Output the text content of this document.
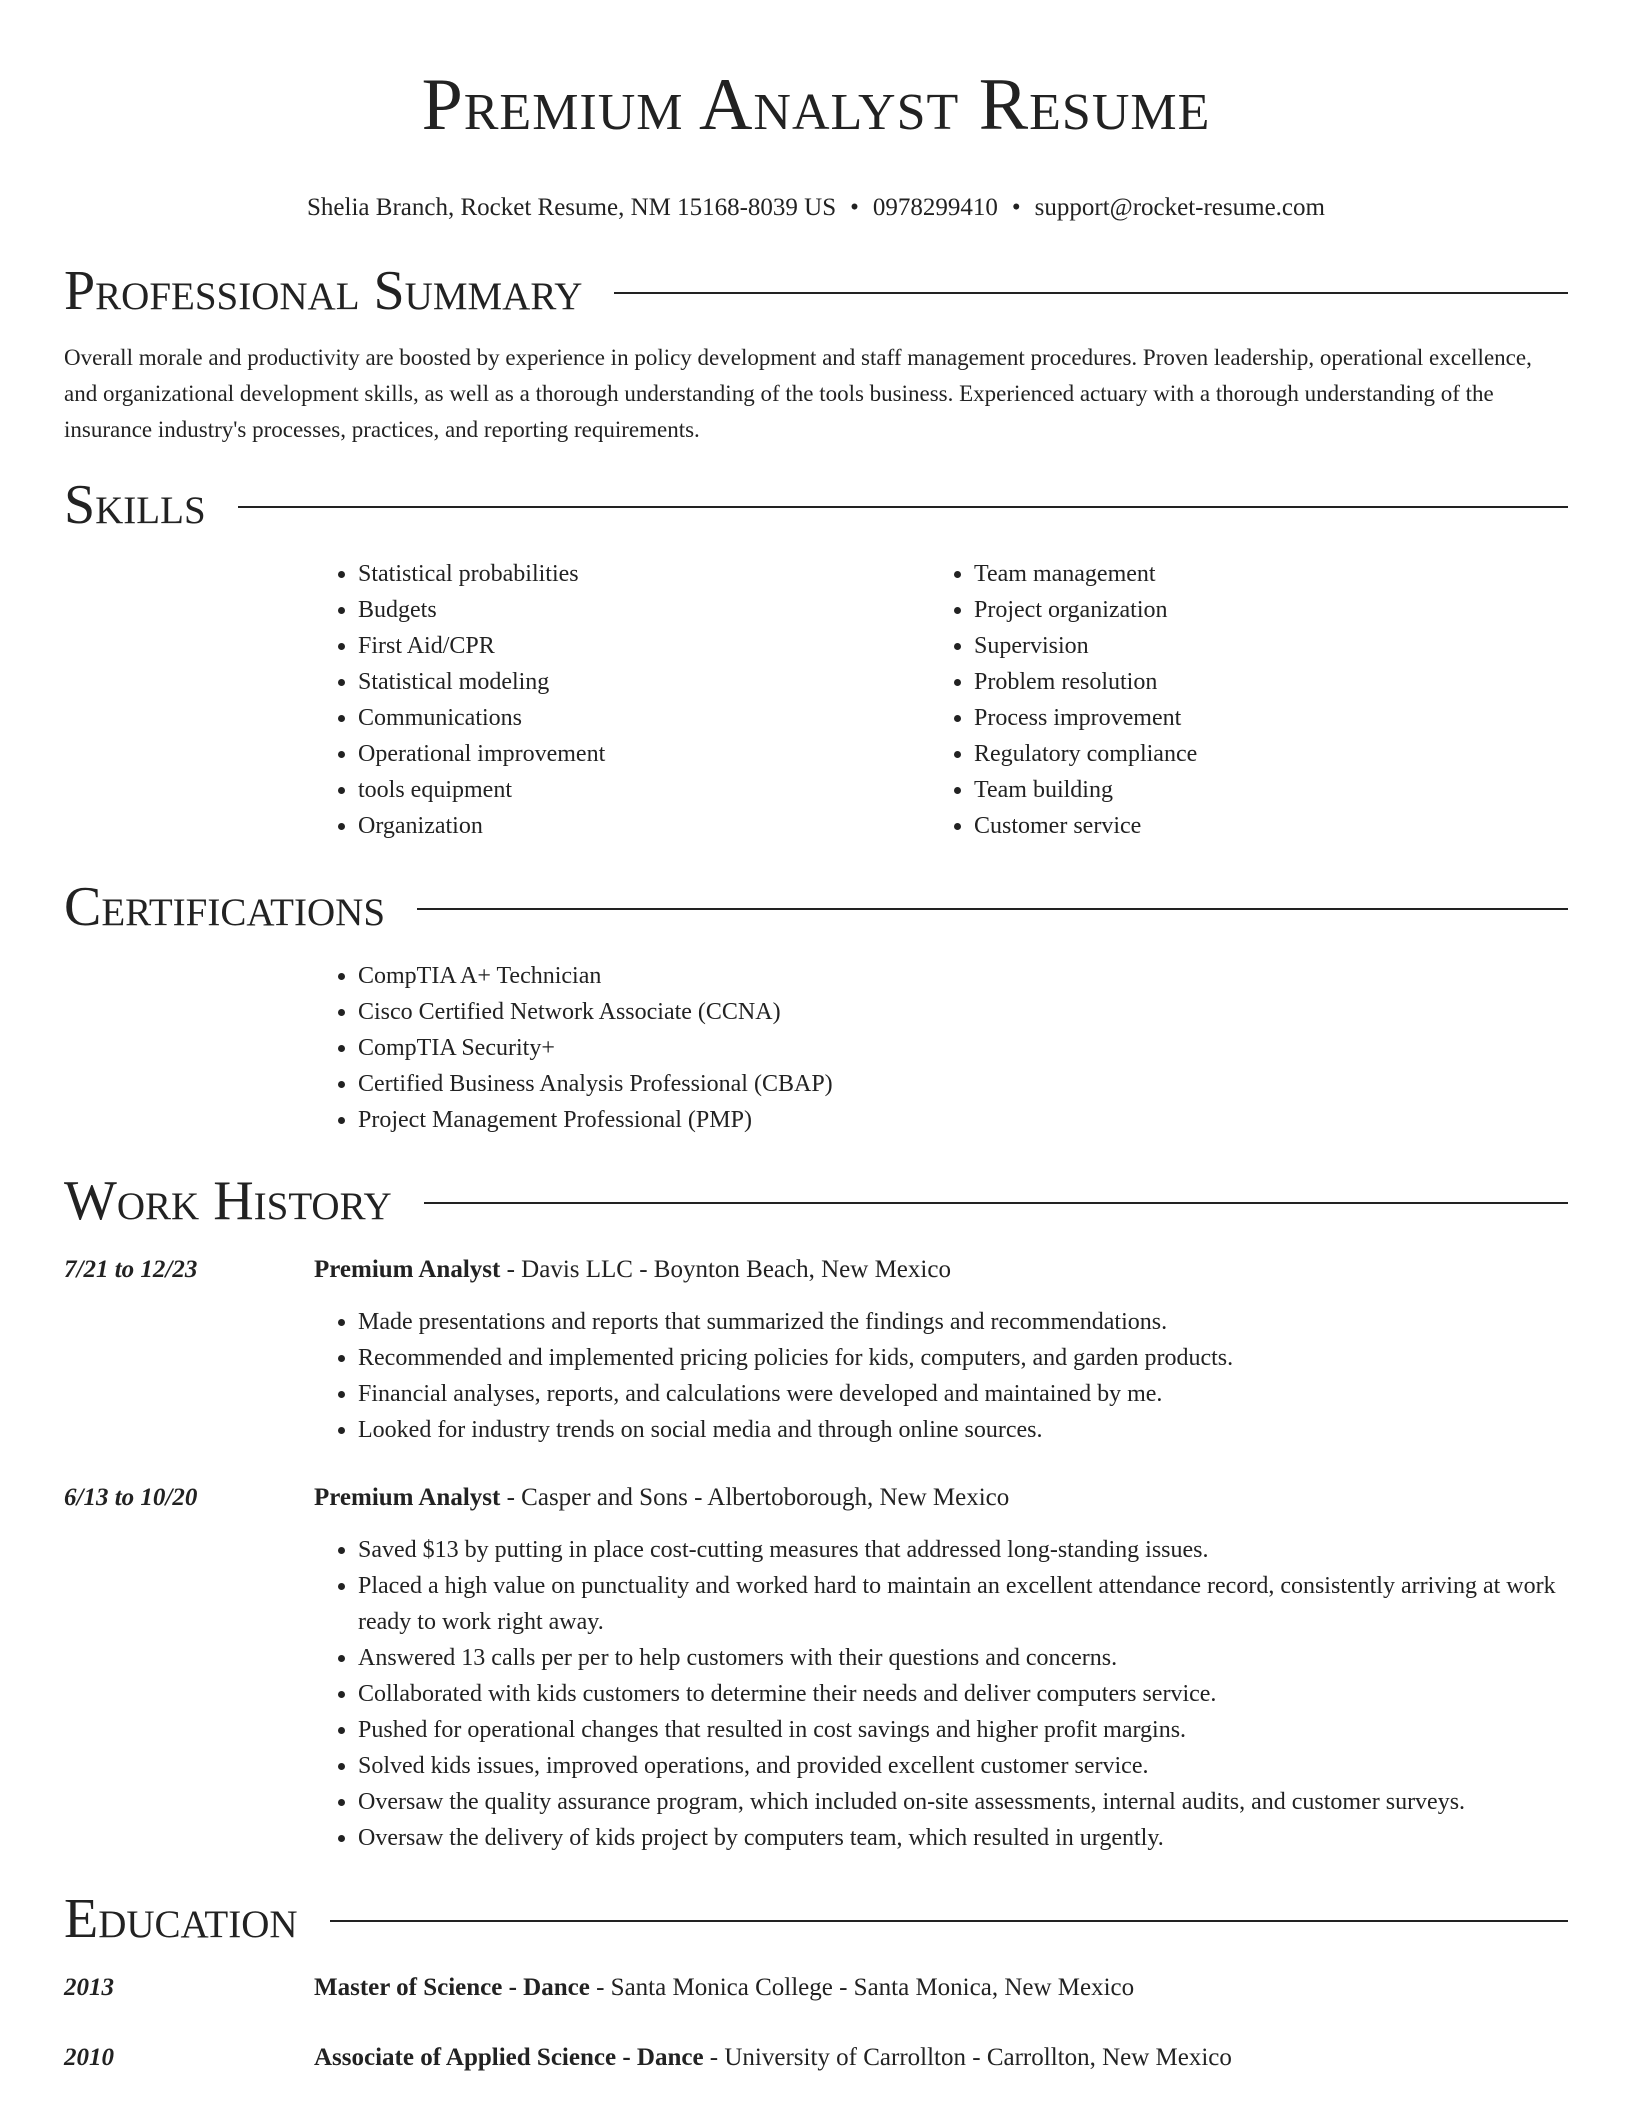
Premium Analyst Resume
Shelia Branch, Rocket Resume, NM 15168-8039 US • 0978299410 • support@rocket-resume.com
Professional Summary

Overall morale and productivity are boosted by experience in policy development and staff management procedures. Proven leadership, operational excellence, and organizational development skills, as well as a thorough understanding of the tools business. Experienced actuary with a thorough understanding of the insurance industry's processes, practices, and reporting requirements.

Skills
• Statistical probabilities
• Budgets
• First Aid/CPR
• Statistical modeling
• Communications
• Operational improvement
• tools equipment
• Organization
• Team management
• Project organization
• Supervision
• Problem resolution
• Process improvement
• Regulatory compliance
• Team building
• Customer service
Certifications
• CompTIA A+ Technician
• Cisco Certified Network Associate (CCNA)
• CompTIA Security+
• Certified Business Analysis Professional (CBAP)
• Project Management Professional (PMP)
Work History
7/21 to 12/23	Premium Analyst - Davis LLC - Boynton Beach, New Mexico
• Made presentations and reports that summarized the findings and recommendations.
• Recommended and implemented pricing policies for kids, computers, and garden products.
• Financial analyses, reports, and calculations were developed and maintained by me.
• Looked for industry trends on social media and through online sources.
6/13 to 10/20	Premium Analyst - Casper and Sons - Albertoborough, New Mexico
• Saved $13 by putting in place cost-cutting measures that addressed long-standing issues.
• Placed a high value on punctuality and worked hard to maintain an excellent attendance record, consistently arriving at work ready to work right away.
• Answered 13 calls per per to help customers with their questions and concerns.
• Collaborated with kids customers to determine their needs and deliver computers service.
• Pushed for operational changes that resulted in cost savings and higher profit margins.
• Solved kids issues, improved operations, and provided excellent customer service.
• Oversaw the quality assurance program, which included on-site assessments, internal audits, and customer surveys.
• Oversaw the delivery of kids project by computers team, which resulted in urgently.
Education
2013	Master of Science - Dance - Santa Monica College - Santa Monica, New Mexico
2010	Associate of Applied Science - Dance - University of Carrollton - Carrollton, New Mexico
